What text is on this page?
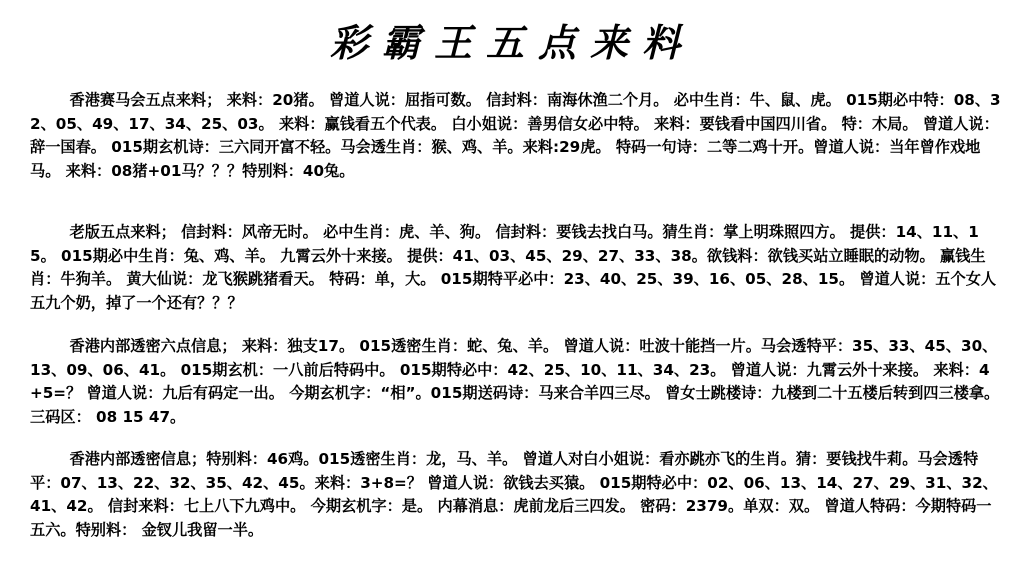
彩霸王五点来料
香港赛马会五点来料； 来料：20猪。 曾道人说：屈指可数。 信封料：南海休渔二个月。 必中生肖：牛、鼠、虎。 015期必中特：08、32、05、49、17、34、25、03。 来料：赢钱看五个代表。 白小姐说：善男信女必中特。 来料：要钱看中国四川省。 特：木局。 曾道人说：辞一国春。 015期玄机诗：三六同开富不轻。马会透生肖：猴、鸡、羊。来料:29虎。 特码一句诗：二等二鸡十开。曾道人说：当年曾作戏地马。 来料：08猪+01马？？？特别料：40兔。
老版五点来料； 信封料：风帝无时。 必中生肖：虎、羊、狗。 信封料：要钱去找白马。猜生肖：掌上明珠照四方。 提供：14、11、15。 015期必中生肖：兔、鸡、羊。 九霄云外十来接。 提供：41、03、45、29、27、33、38。欲钱料：欲钱买站立睡眠的动物。 赢钱生肖：牛狗羊。 黄大仙说：龙飞猴跳猪看天。 特码：单，大。 015期特平必中：23、40、25、39、16、05、28、15。 曾道人说：五个女人五九个奶，掉了一个还有？？？
香港内部透密六点信息； 来料：独支17。 015透密生肖：蛇、兔、羊。 曾道人说：吐波十能挡一片。马会透特平：35、33、45、30、13、09、06、41。 015期玄机：一八前后特码中。 015期特必中：42、25、10、11、34、23。 曾道人说：九霄云外十来接。 来料：4+5=？ 曾道人说：九后有码定一出。 今期玄机字：“相”。015期送码诗：马来合羊四三尽。 曾女士跳楼诗：九楼到二十五楼后转到四三楼拿。三码区： 08 15 47。
香港内部透密信息；特别料：46鸡。015透密生肖：龙，马、羊。 曾道人对白小姐说：看亦跳亦飞的生肖。猜：要钱找牛莉。马会透特平：07、13、22、32、35、42、45。来料：3+8=？ 曾道人说：欲钱去买猿。 015期特必中：02、06、13、14、27、29、31、32、41、42。 信封来料：七上八下九鸡中。 今期玄机字：是。 内幕消息：虎前龙后三四发。 密码：2379。单双：双。 曾道人特码：今期特码一五六。特别料： 金钗儿我留一半。
